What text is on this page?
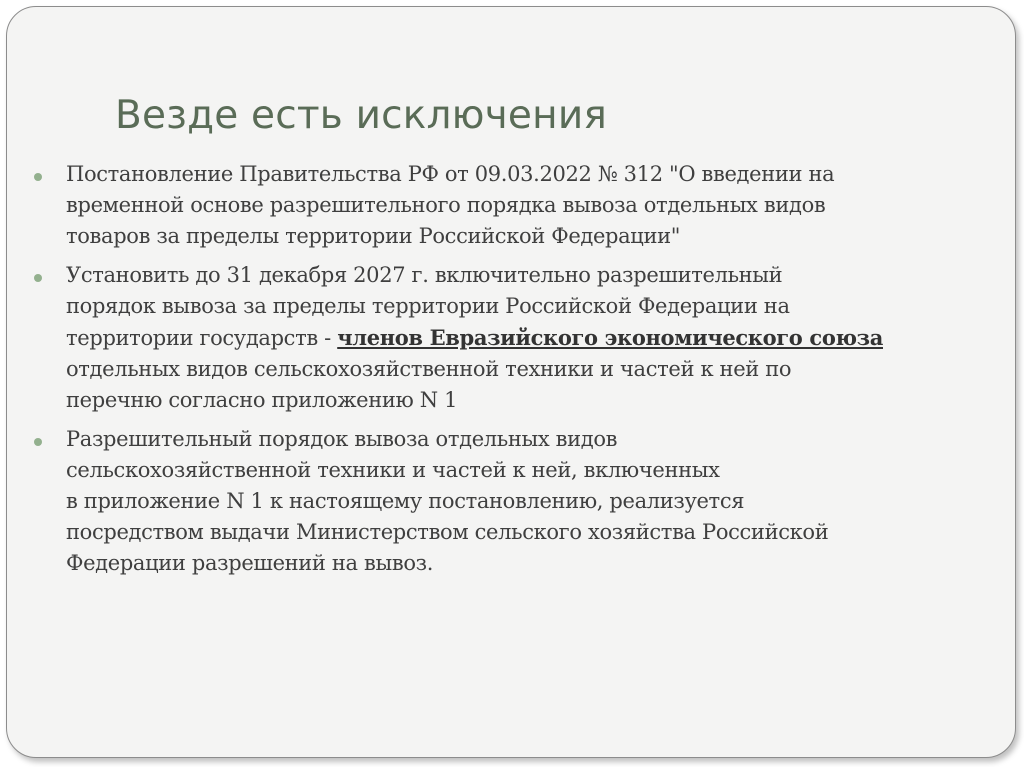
Везде есть исключения
Постановление Правительства РФ от 09.03.2022 № 312 "О введении на
временной основе разрешительного порядка вывоза отдельных видов
товаров за пределы территории Российской Федерации"
Установить до 31 декабря 2027 г. включительно разрешительный
порядок вывоза за пределы территории Российской Федерации на
территории государств - членов Евразийского экономического союза
отдельных видов сельскохозяйственной техники и частей к ней по
перечню согласно приложению N 1
Разрешительный порядок вывоза отдельных видов
сельскохозяйственной техники и частей к ней, включенных
в приложение N 1 к настоящему постановлению, реализуется
посредством выдачи Министерством сельского хозяйства Российской
Федерации разрешений на вывоз.
